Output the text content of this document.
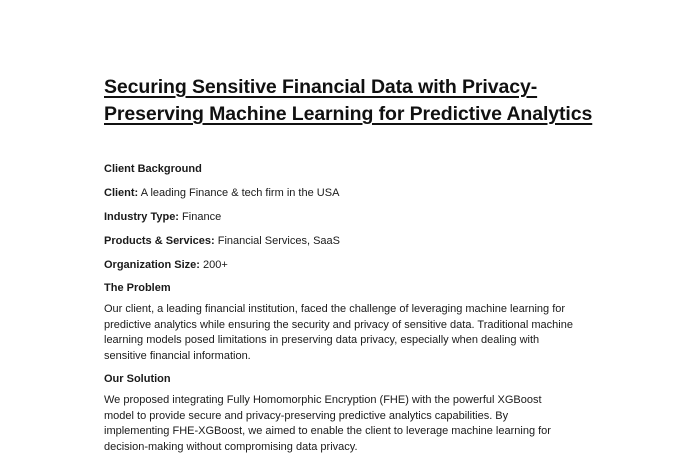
Securing Sensitive Financial Data with Privacy-Preserving Machine Learning for Predictive Analytics

Client Background

Client: A leading Finance & tech firm in the USA

Industry Type: Finance

Products & Services: Financial Services, SaaS

Organization Size: 200+

The Problem

Our client, a leading financial institution, faced the challenge of leveraging machine learning for predictive analytics while ensuring the security and privacy of sensitive data. Traditional machine learning models posed limitations in preserving data privacy, especially when dealing with sensitive financial information.

Our Solution

We proposed integrating Fully Homomorphic Encryption (FHE) with the powerful XGBoost model to provide secure and privacy-preserving predictive analytics capabilities. By implementing FHE-XGBoost, we aimed to enable the client to leverage machine learning for decision-making without compromising data privacy.
